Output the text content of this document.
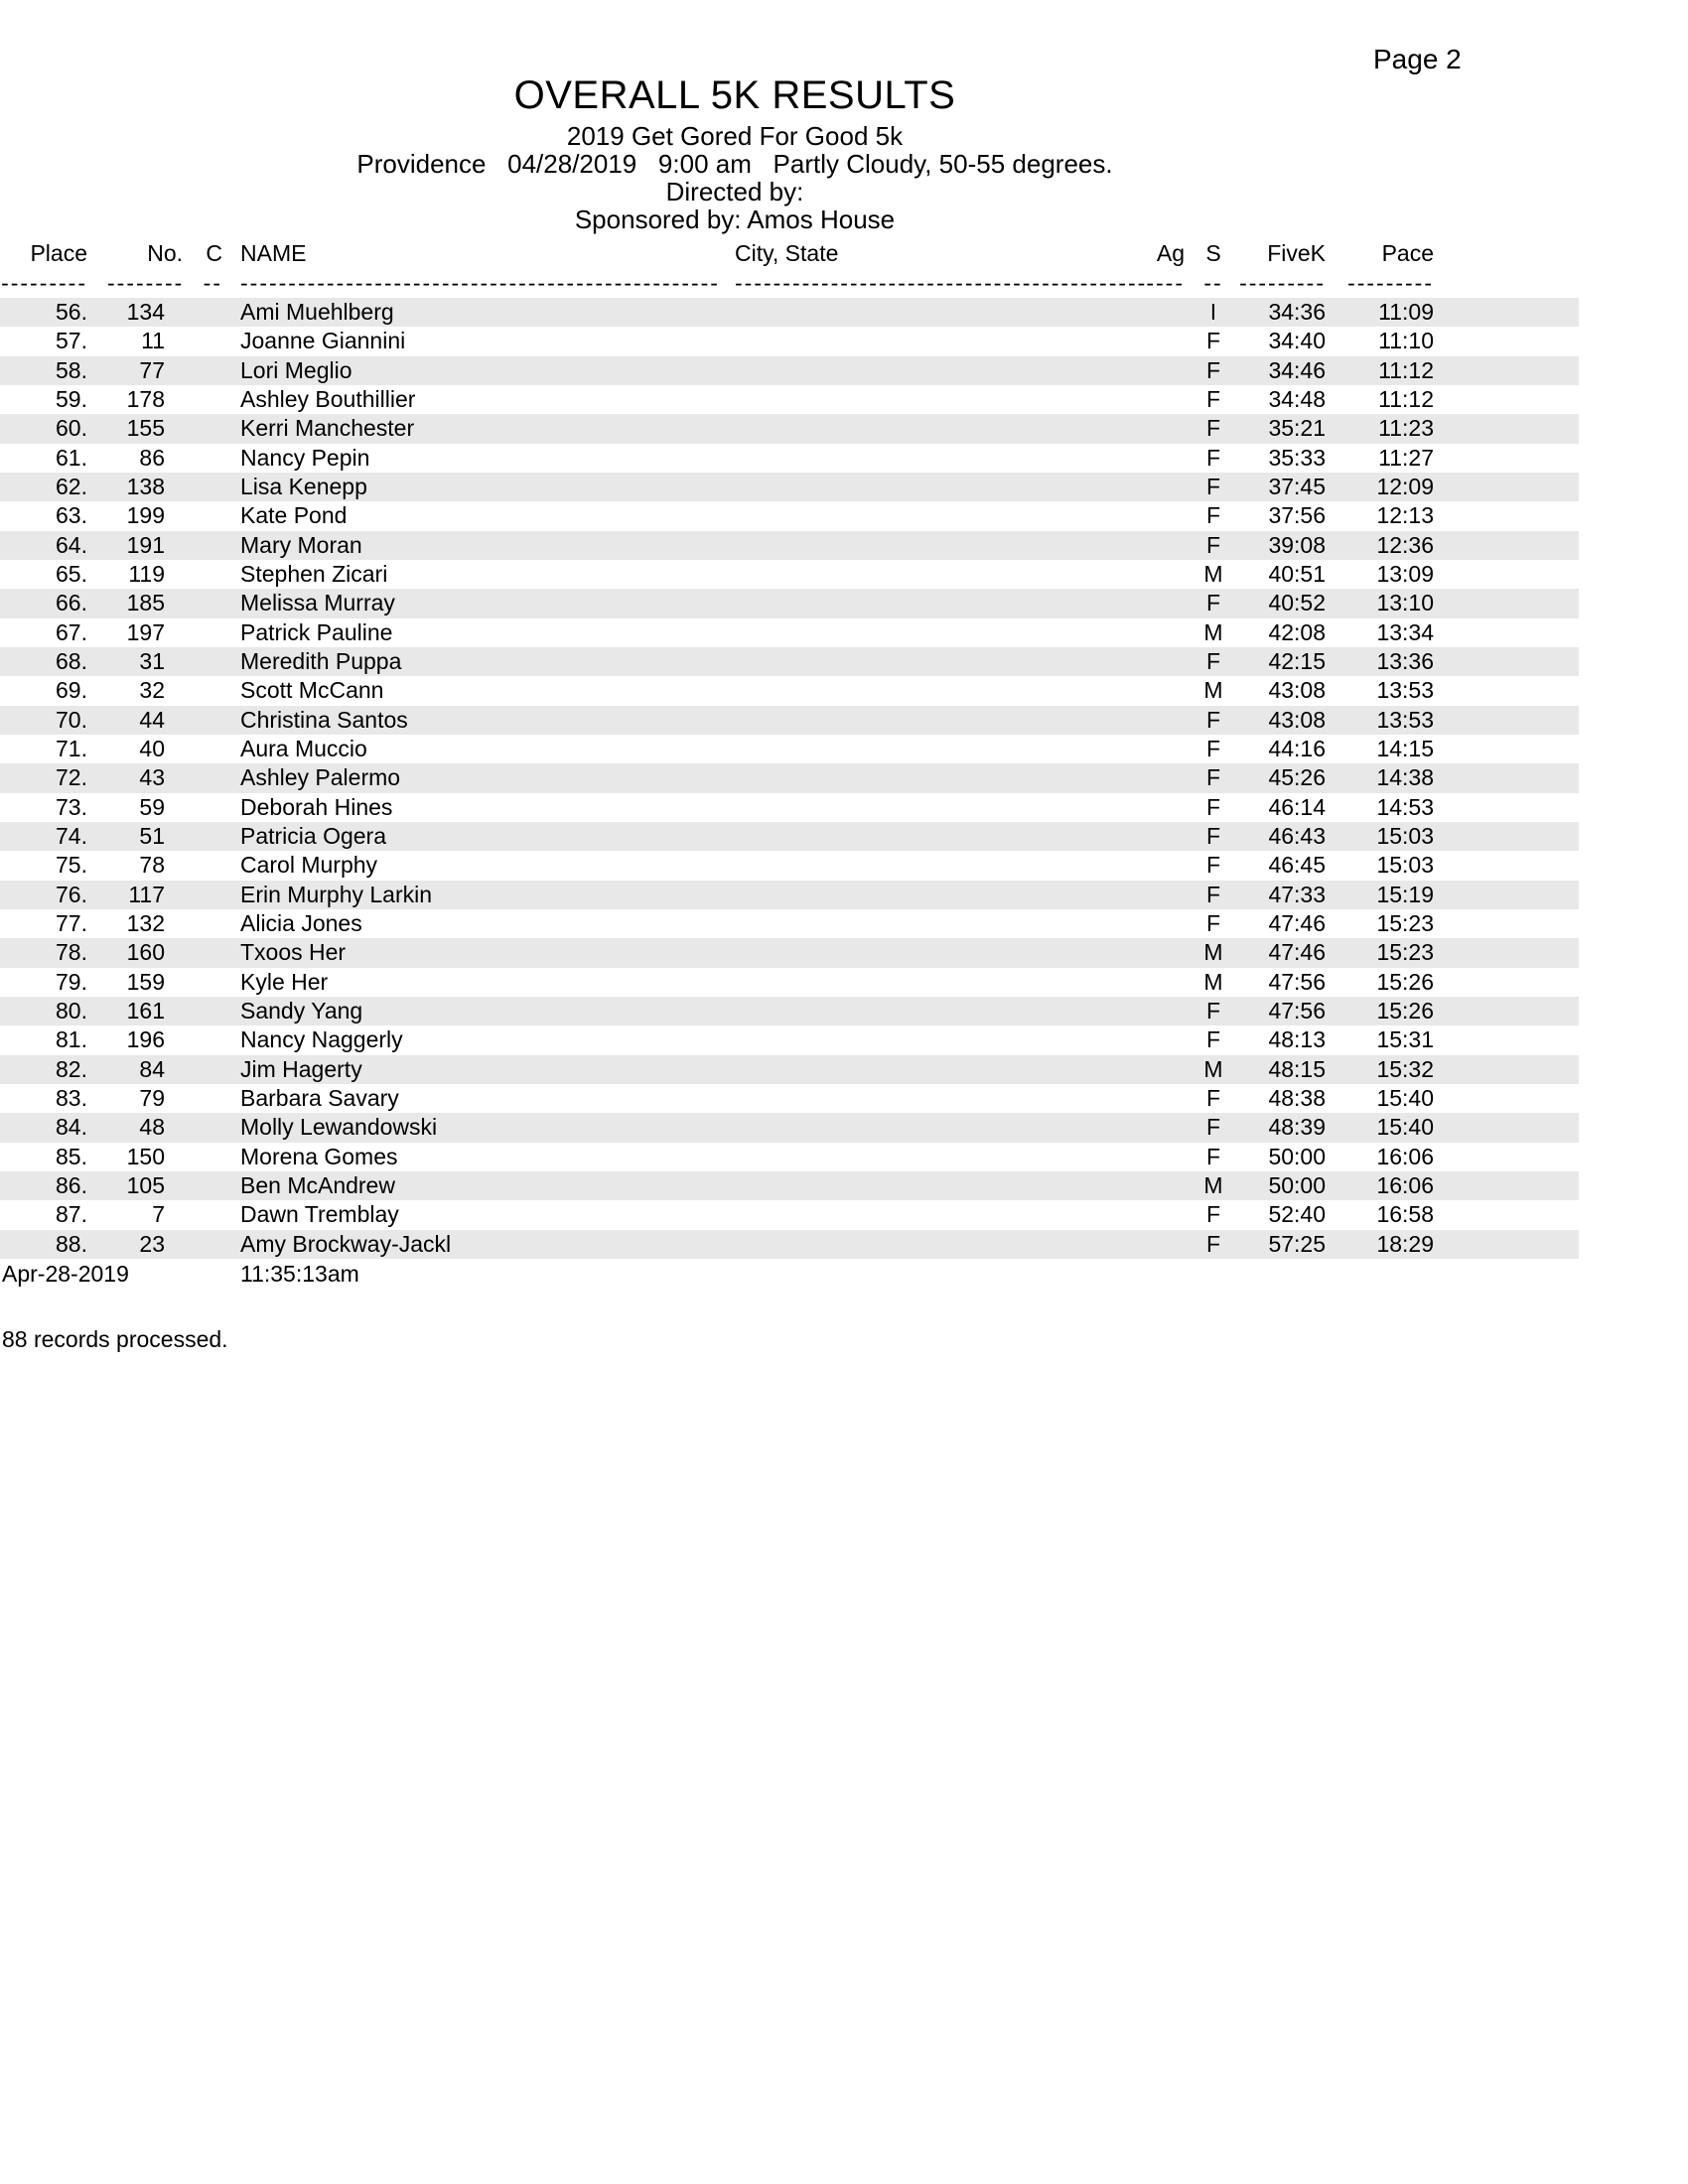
Page 2
OVERALL 5K RESULTS
2019 Get Gored For Good 5k
Providence   04/28/2019   9:00 am   Partly Cloudy, 50-55 degrees.
Directed by:
Sponsored by: Amos House
Place	No.	C NAME	City, State	Ag S	FiveK	Pace
--------- -------- -- -------------------------------------------------- ------------------------------------------- ---- -- --------- ---------
56.	134	Ami Muehlberg	I	34:36	11:09
57.	11	Joanne Giannini	F	34:40	11:10
58.	77	Lori Meglio	F	34:46	11:12
59.	178	Ashley Bouthillier	F	34:48	11:12
60.	155	Kerri Manchester	F	35:21	11:23
61.	86	Nancy Pepin	F	35:33	11:27
62.	138	Lisa Kenepp	F	37:45	12:09
63.	199	Kate Pond	F	37:56	12:13
64.	191	Mary Moran	F	39:08	12:36
65.	119	Stephen Zicari	M	40:51	13:09
66.	185	Melissa Murray	F	40:52	13:10
67.	197	Patrick Pauline	M	42:08	13:34
68.	31	Meredith Puppa	F	42:15	13:36
69.	32	Scott McCann	M	43:08	13:53
70.	44	Christina Santos	F	43:08	13:53
71.	40	Aura Muccio	F	44:16	14:15
72.	43	Ashley Palermo	F	45:26	14:38
73.	59	Deborah Hines	F	46:14	14:53
74.	51	Patricia Ogera	F	46:43	15:03
75.	78	Carol Murphy	F	46:45	15:03
76.	117	Erin Murphy Larkin	F	47:33	15:19
77.	132	Alicia Jones	F	47:46	15:23
78.	160	Txoos Her	M	47:46	15:23
79.	159	Kyle Her	M	47:56	15:26
80.	161	Sandy Yang	F	47:56	15:26
81.	196	Nancy Naggerly	F	48:13	15:31
82.	84	Jim Hagerty	M	48:15	15:32
83.	79	Barbara Savary	F	48:38	15:40
84.	48	Molly Lewandowski	F	48:39	15:40
85.	150	Morena Gomes	F	50:00	16:06
86.	105	Ben McAndrew	M	50:00	16:06
87.	7	Dawn Tremblay	F	52:40	16:58
88.	23	Amy Brockway-Jackl	F	57:25	18:29
Apr-28-2019	11:35:13am
88 records processed.
